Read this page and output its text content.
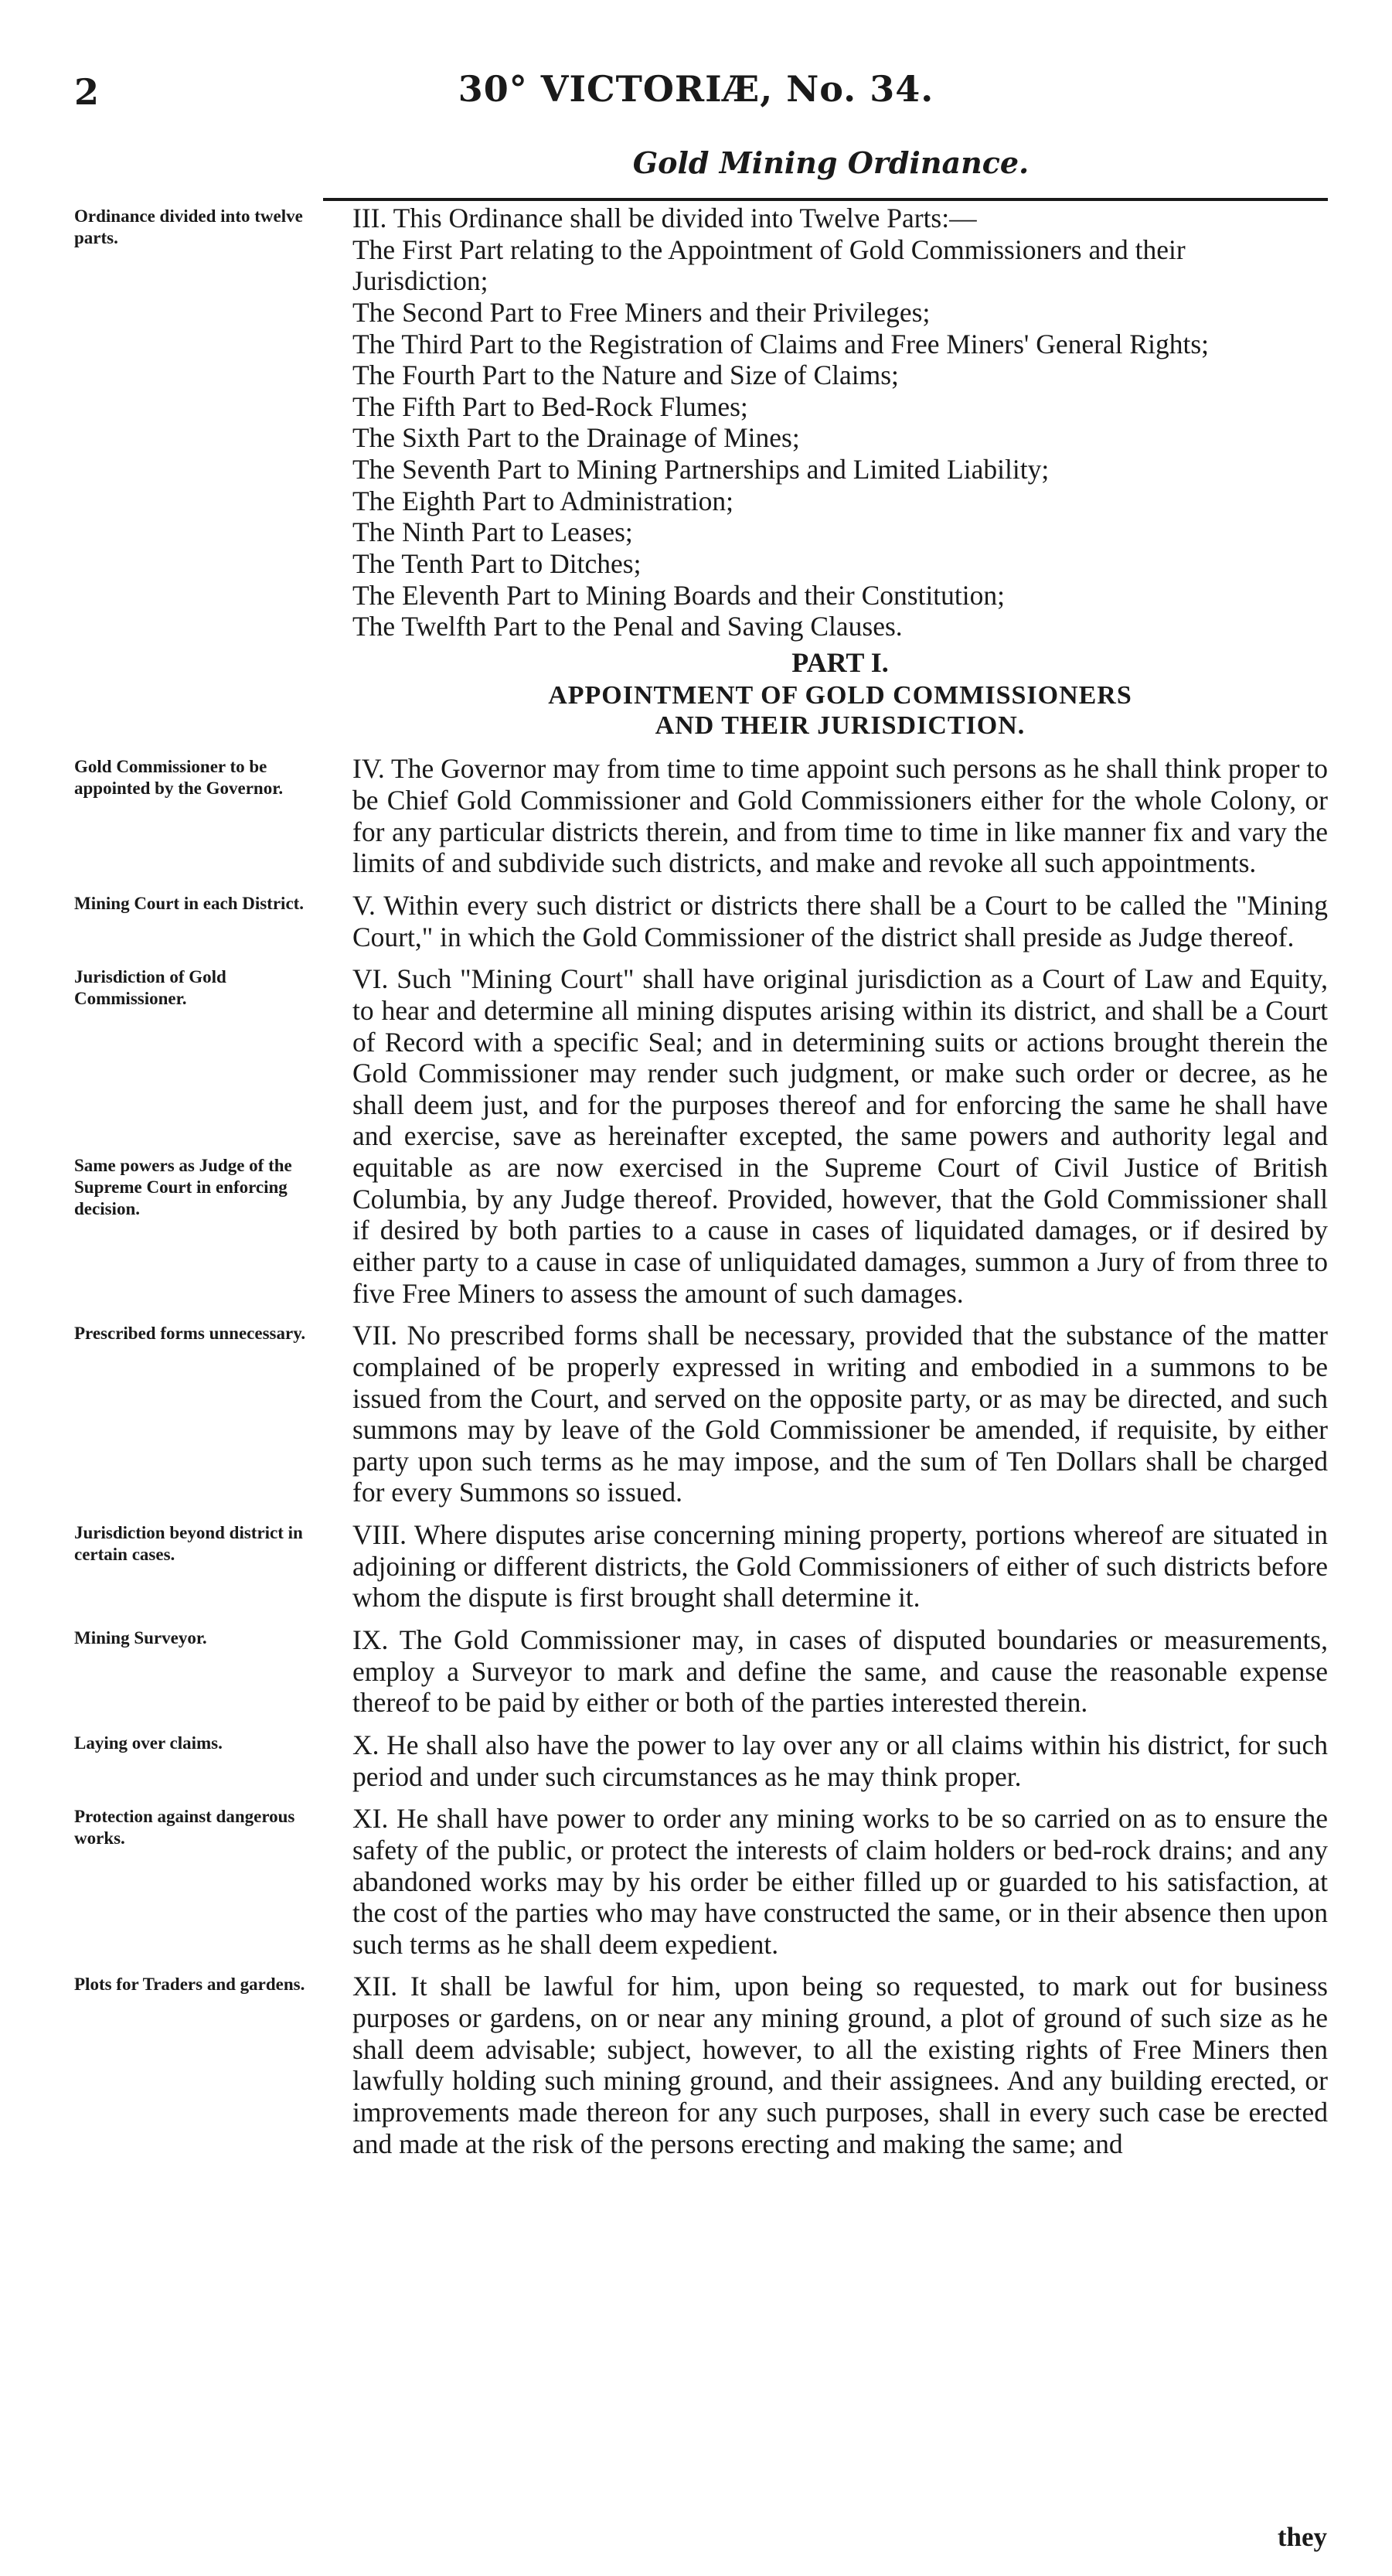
2	30° VICTORIÆ, No. 34.
Gold Mining Ordinance.
Ordinance divided into twelve parts.
III. This Ordinance shall be divided into Twelve Parts:—
The First Part relating to the Appointment of Gold Commissioners and their Jurisdiction;
The Second Part to Free Miners and their Privileges;
The Third Part to the Registration of Claims and Free Miners' General Rights;
The Fourth Part to the Nature and Size of Claims;
The Fifth Part to Bed-Rock Flumes;
The Sixth Part to the Drainage of Mines;
The Seventh Part to Mining Partnerships and Limited Liability;
The Eighth Part to Administration;
The Ninth Part to Leases;
The Tenth Part to Ditches;
The Eleventh Part to Mining Boards and their Constitution;
The Twelfth Part to the Penal and Saving Clauses.
PART I.
APPOINTMENT OF GOLD COMMISSIONERS
AND THEIR JURISDICTION.
Gold Commissioner to be appointed by the Governor.

IV. The Governor may from time to time appoint such persons as he shall think proper to be Chief Gold Commissioner and Gold Commissioners either for the whole Colony, or for any particular districts therein, and from time to time in like manner fix and vary the limits of and subdivide such districts, and make and revoke all such appointments.

Mining Court in each District. V. Within every such district or districts there shall be a Court to be called the "Mining Court," in which the Gold Commissioner of the district shall preside as Judge thereof.

Jurisdiction of Gold Commissioner.
Same powers as Judge of the Supreme Court in enforcing decision.

VI. Such "Mining Court" shall have original jurisdiction as a Court of Law and Equity, to hear and determine all mining disputes arising within its district, and shall be a Court of Record with a specific Seal; and in determining suits or actions brought therein the Gold Commissioner may render such judgment, or make such order or decree, as he shall deem just, and for the purposes thereof and for enforcing the same he shall have and exercise, save as hereinafter excepted, the same powers and authority legal and equitable as are now exercised in the Supreme Court of Civil Justice of British Columbia, by any Judge thereof. Provided, however, that the Gold Commissioner shall if desired by both parties to a cause in cases of liquidated damages, or if desired by either party to a cause in case of unliquidated damages, summon a Jury of from three to five Free Miners to assess the amount of such damages.

Prescribed forms unnecessary. VII. No prescribed forms shall be necessary, provided that the substance of the matter complained of be properly expressed in writing and embodied in a summons to be issued from the Court, and served on the opposite party, or as may be directed, and such summons may by leave of the Gold Commissioner be amended, if requisite, by either party upon such terms as he may impose, and the sum of Ten Dollars shall be charged for every Summons so issued.

Jurisdiction beyond district in certain cases.

VIII. Where disputes arise concerning mining property, portions whereof are situated in adjoining or different districts, the Gold Commissioners of either of such districts before whom the dispute is first brought shall determine it.

Mining Surveyor.	IX. The Gold Commissioner may, in cases of disputed boundaries or measurements, employ a Surveyor to mark and define the same, and cause the reasonable expense thereof to be paid by either or both of the parties interested therein.

Laying over claims.	X. He shall also have the power to lay over any or all claims within his district, for such period and under such circumstances as he may think proper.

Protection against dangerous works.

XI. He shall have power to order any mining works to be so carried on as to ensure the safety of the public, or protect the interests of claim holders or bed-rock drains; and any abandoned works may by his order be either filled up or guarded to his satisfaction, at the cost of the parties who may have constructed the same, or in their absence then upon such terms as he shall deem expedient.

Plots for Traders and gardens. XII. It shall be lawful for him, upon being so requested, to mark out for business purposes or gardens, on or near any mining ground, a plot of ground of such size as he shall deem advisable; subject, however, to all the existing rights of Free Miners then lawfully holding such mining ground, and their assignees. And any building erected, or improvements made thereon for any such purposes, shall in every such case be erected and made at the risk of the persons erecting and making the same; and

they
